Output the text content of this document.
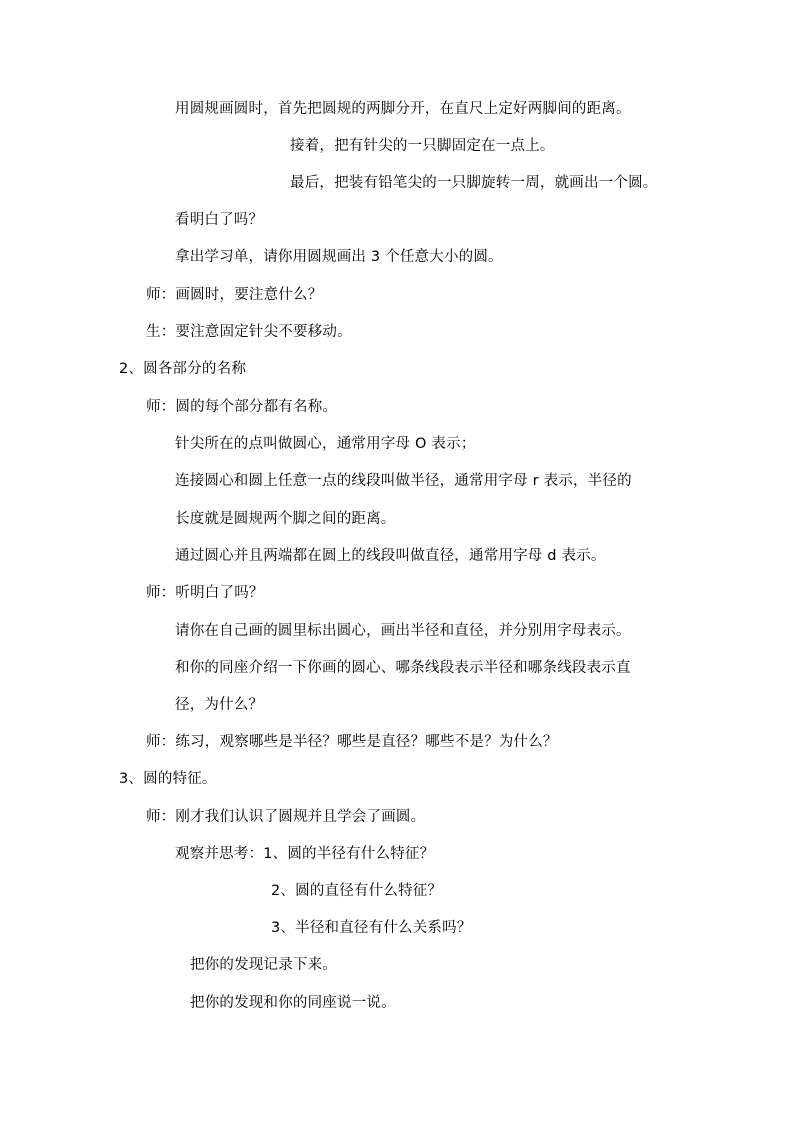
用圆规画圆时，首先把圆规的两脚分开，在直尺上定好两脚间的距离。
接着，把有针尖的一只脚固定在一点上。
最后，把装有铅笔尖的一只脚旋转一周，就画出一个圆。
看明白了吗？
拿出学习单，请你用圆规画出 3 个任意大小的圆。
师：画圆时，要注意什么？
生：要注意固定针尖不要移动。
2、圆各部分的名称
师：圆的每个部分都有名称。
针尖所在的点叫做圆心，通常用字母 O 表示；
连接圆心和圆上任意一点的线段叫做半径，通常用字母 r 表示，半径的
长度就是圆规两个脚之间的距离。
通过圆心并且两端都在圆上的线段叫做直径，通常用字母 d 表示。
师：听明白了吗？
请你在自己画的圆里标出圆心，画出半径和直径，并分别用字母表示。
和你的同座介绍一下你画的圆心、哪条线段表示半径和哪条线段表示直
径，为什么？
师：练习，观察哪些是半径？哪些是直径？哪些不是？为什么？
3、圆的特征。
师：刚才我们认识了圆规并且学会了画圆。
观察并思考：1、圆的半径有什么特征？
2、圆的直径有什么特征？
3、半径和直径有什么关系吗？
把你的发现记录下来。
把你的发现和你的同座说一说。
